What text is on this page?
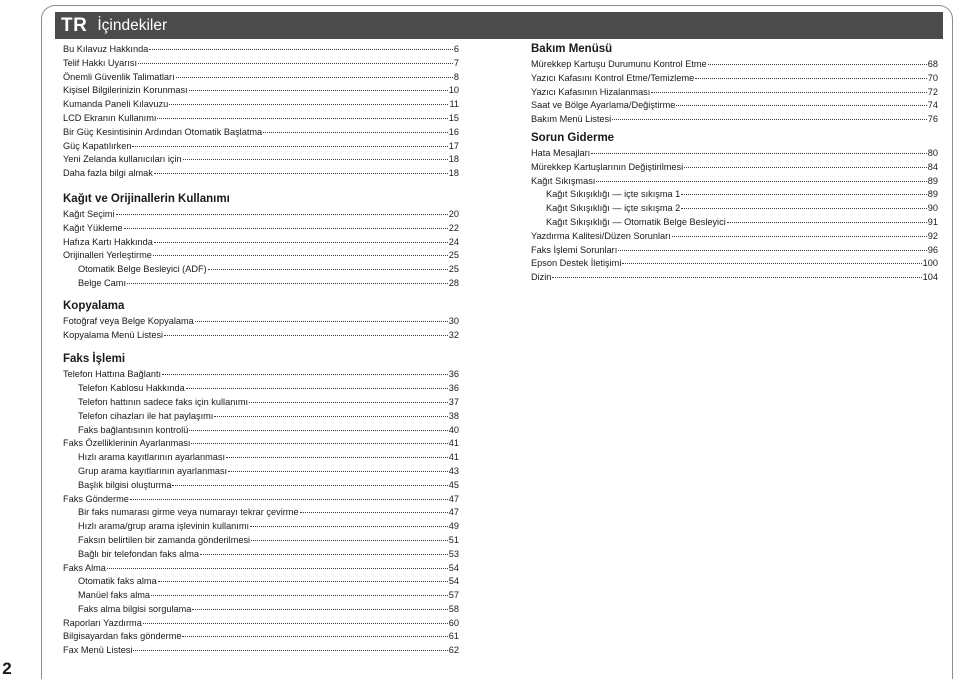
TR İçindekiler
Bu Kılavuz Hakkında	6
Telif Hakkı Uyarısı	7
Önemli Güvenlik Talimatları	8
Kişisel Bilgilerinizin Korunması	10
Kumanda Paneli Kılavuzu	11
LCD Ekranın Kullanımı	15
Bir Güç Kesintisinin Ardından Otomatik Başlatma	16
Güç Kapatılırken	17
Yeni Zelanda kullanıcıları için	18
Daha fazla bilgi almak	18
Kağıt ve Orijinallerin Kullanımı
Kağıt Seçimi	20
Kağıt Yükleme	22
Hafıza Kartı Hakkında	24
Orijinalleri Yerleştirme	25
Otomatik Belge Besleyici (ADF)	25
Belge Camı	28
Kopyalama
Fotoğraf veya Belge Kopyalama	30
Kopyalama Menü Listesi	32
Faks İşlemi
Telefon Hattına Bağlantı	36
Telefon Kablosu Hakkında	36
Telefon hattının sadece faks için kullanımı	37
Telefon cihazları ile hat paylaşımı	38
Faks bağlantısının kontrolü	40
Faks Özelliklerinin Ayarlanması	41
Hızlı arama kayıtlarının ayarlanması	41
Grup arama kayıtlarının ayarlanması	43
Başlık bilgisi oluşturma	45
Faks Gönderme	47
Bir faks numarası girme veya numarayı tekrar çevirme	47
Hızlı arama/grup arama işlevinin kullanımı	49
Faksın belirtilen bir zamanda gönderilmesi	51
Bağlı bir telefondan faks alma	53
Faks Alma	54
Otomatik faks alma	54
Manüel faks alma	57
Faks alma bilgisi sorgulama	58
Raporları Yazdırma	60
Bilgisayardan faks gönderme	61
Fax Menü Listesi	62
Bakım Menüsü
Mürekkep Kartuşu Durumunu Kontrol Etme	68
Yazıcı Kafasını Kontrol Etme/Temizleme	70
Yazıcı Kafasının Hizalanması	72
Saat ve Bölge Ayarlama/Değiştirme	74
Bakım Menü Listesi	76
Sorun Giderme
Hata Mesajları	80
Mürekkep Kartuşlarının Değiştirilmesi	84
Kağıt Sıkışması	89
Kağıt Sıkışıklığı — içte sıkışma 1	89
Kağıt Sıkışıklığı — içte sıkışma 2	90
Kağıt Sıkışıklığı — Otomatik Belge Besleyici	91
Yazdırma Kalitesi/Düzen Sorunları	92
Faks İşlemi Sorunları	96
Epson Destek İletişimi	100
Dizin	104
2
